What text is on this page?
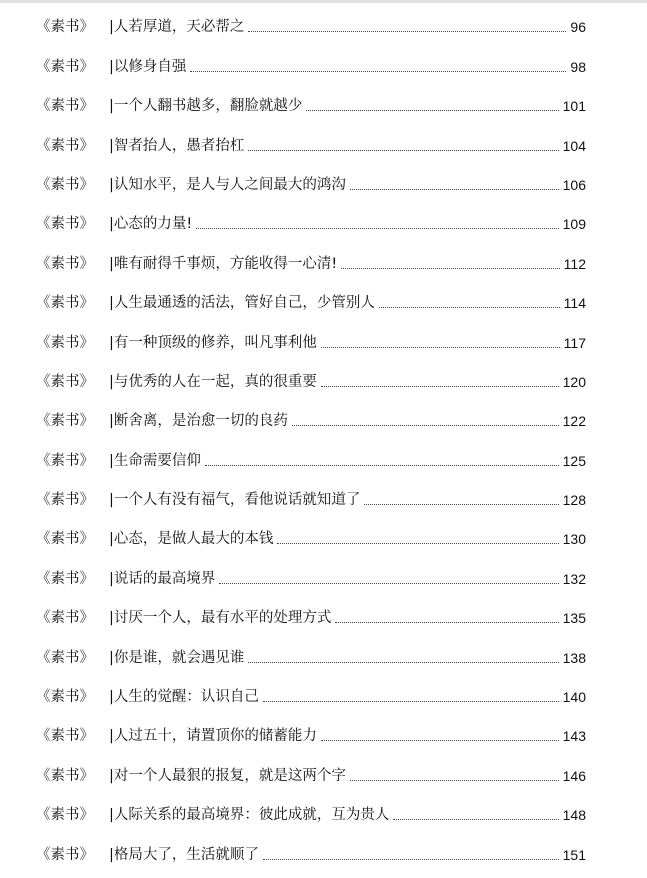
《素书》	|人若厚道，天必帮之	96
《素书》	|以修身自强	98
《素书》	|一个人翻书越多，翻脸就越少	101
《素书》	|智者抬人，愚者抬杠	104
《素书》	|认知水平，是人与人之间最大的鸿沟	106
《素书》	|心态的力量!	109
《素书》	|唯有耐得千事烦，方能收得一心清!	112
《素书》	|人生最通透的活法，管好自己，少管别人	114
《素书》	|有一种顶级的修养，叫凡事利他	117
《素书》	|与优秀的人在一起，真的很重要	120
《素书》	|断舍离，是治愈一切的良药	122
《素书》	|生命需要信仰	125
《素书》	|一个人有没有福气，看他说话就知道了	128
《素书》	|心态，是做人最大的本钱	130
《素书》	|说话的最高境界	132
《素书》	|讨厌一个人，最有水平的处理方式	135
《素书》	|你是谁，就会遇见谁	138
《素书》	|人生的觉醒：认识自己	140
《素书》	|人过五十，请置顶你的储蓄能力	143
《素书》	|对一个人最狠的报复，就是这两个字	146
《素书》	|人际关系的最高境界：彼此成就，互为贵人	148
《素书》	|格局大了，生活就顺了	151
